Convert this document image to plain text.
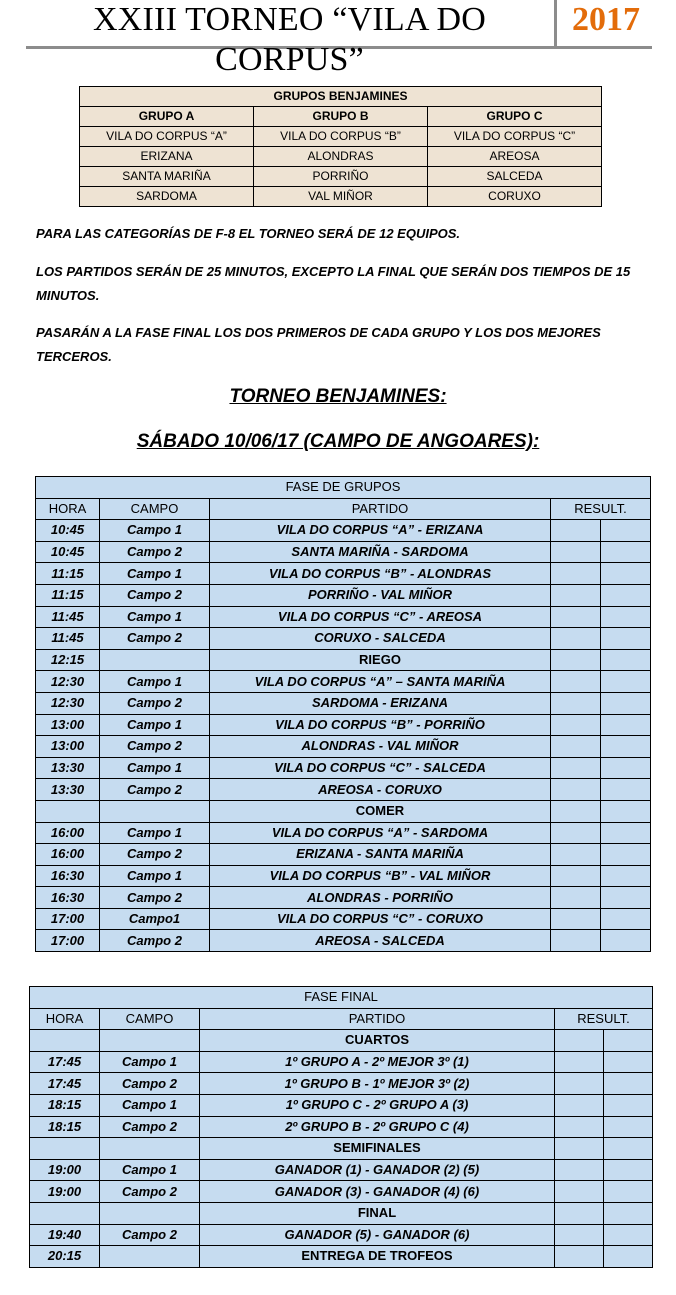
XXIII TORNEO “VILA DO CORPUS”
2017
GRUPOS BENJAMINES		
GRUPO A	GRUPO B	GRUPO C
VILA DO CORPUS “A”	VILA DO CORPUS “B”	VILA DO CORPUS “C”
ERIZANA	ALONDRAS	AREOSA
SANTA MARIÑA	PORRIÑO	SALCEDA
SARDOMA	VAL MIÑOR	CORUXO
PARA LAS CATEGORÍAS DE F-8 EL TORNEO SERÁ DE 12 EQUIPOS.
LOS PARTIDOS SERÁN DE 25 MINUTOS, EXCEPTO LA FINAL QUE SERÁN DOS TIEMPOS DE 15 MINUTOS.
PASARÁN A LA FASE FINAL LOS DOS PRIMEROS DE CADA GRUPO Y LOS DOS MEJORES TERCEROS.
TORNEO BENJAMINES:
SÁBADO 10/06/17 (CAMPO DE ANGOARES):
FASE DE GRUPOS				
HORA	CAMPO	PARTIDO	RESULT.	
10:45	Campo 1	VILA DO CORPUS “A” - ERIZANA		
10:45	Campo 2	SANTA MARIÑA - SARDOMA		
11:15	Campo 1	VILA DO CORPUS “B” - ALONDRAS		
11:15	Campo 2	PORRIÑO - VAL MIÑOR		
11:45	Campo 1	VILA DO CORPUS “C” - AREOSA		
11:45	Campo 2	CORUXO - SALCEDA		
12:15		RIEGO		
12:30	Campo 1	VILA DO CORPUS “A” – SANTA MARIÑA		
12:30	Campo 2	SARDOMA - ERIZANA		
13:00	Campo 1	VILA DO CORPUS “B” - PORRIÑO		
13:00	Campo 2	ALONDRAS - VAL MIÑOR		
13:30	Campo 1	VILA DO CORPUS “C” - SALCEDA		
13:30	Campo 2	AREOSA - CORUXO		
		COMER		
16:00	Campo 1	VILA DO CORPUS “A” - SARDOMA		
16:00	Campo 2	ERIZANA - SANTA MARIÑA		
16:30	Campo 1	VILA DO CORPUS “B” - VAL MIÑOR		
16:30	Campo 2	ALONDRAS - PORRIÑO		
17:00	Campo1	VILA DO CORPUS “C” - CORUXO		
17:00	Campo 2	AREOSA - SALCEDA		
FASE FINAL				
HORA	CAMPO	PARTIDO	RESULT.	
		CUARTOS		
17:45	Campo 1	1º GRUPO A - 2º MEJOR 3º (1)		
17:45	Campo 2	1º GRUPO B - 1º MEJOR 3º (2)		
18:15	Campo 1	1º GRUPO C - 2º GRUPO A (3)		
18:15	Campo 2	2º GRUPO B - 2º GRUPO C (4)		
		SEMIFINALES		
19:00	Campo 1	GANADOR (1) - GANADOR (2) (5)		
19:00	Campo 2	GANADOR (3) - GANADOR (4) (6)		
		FINAL		
19:40	Campo 2	GANADOR (5) - GANADOR (6)		
20:15		ENTREGA DE TROFEOS		
